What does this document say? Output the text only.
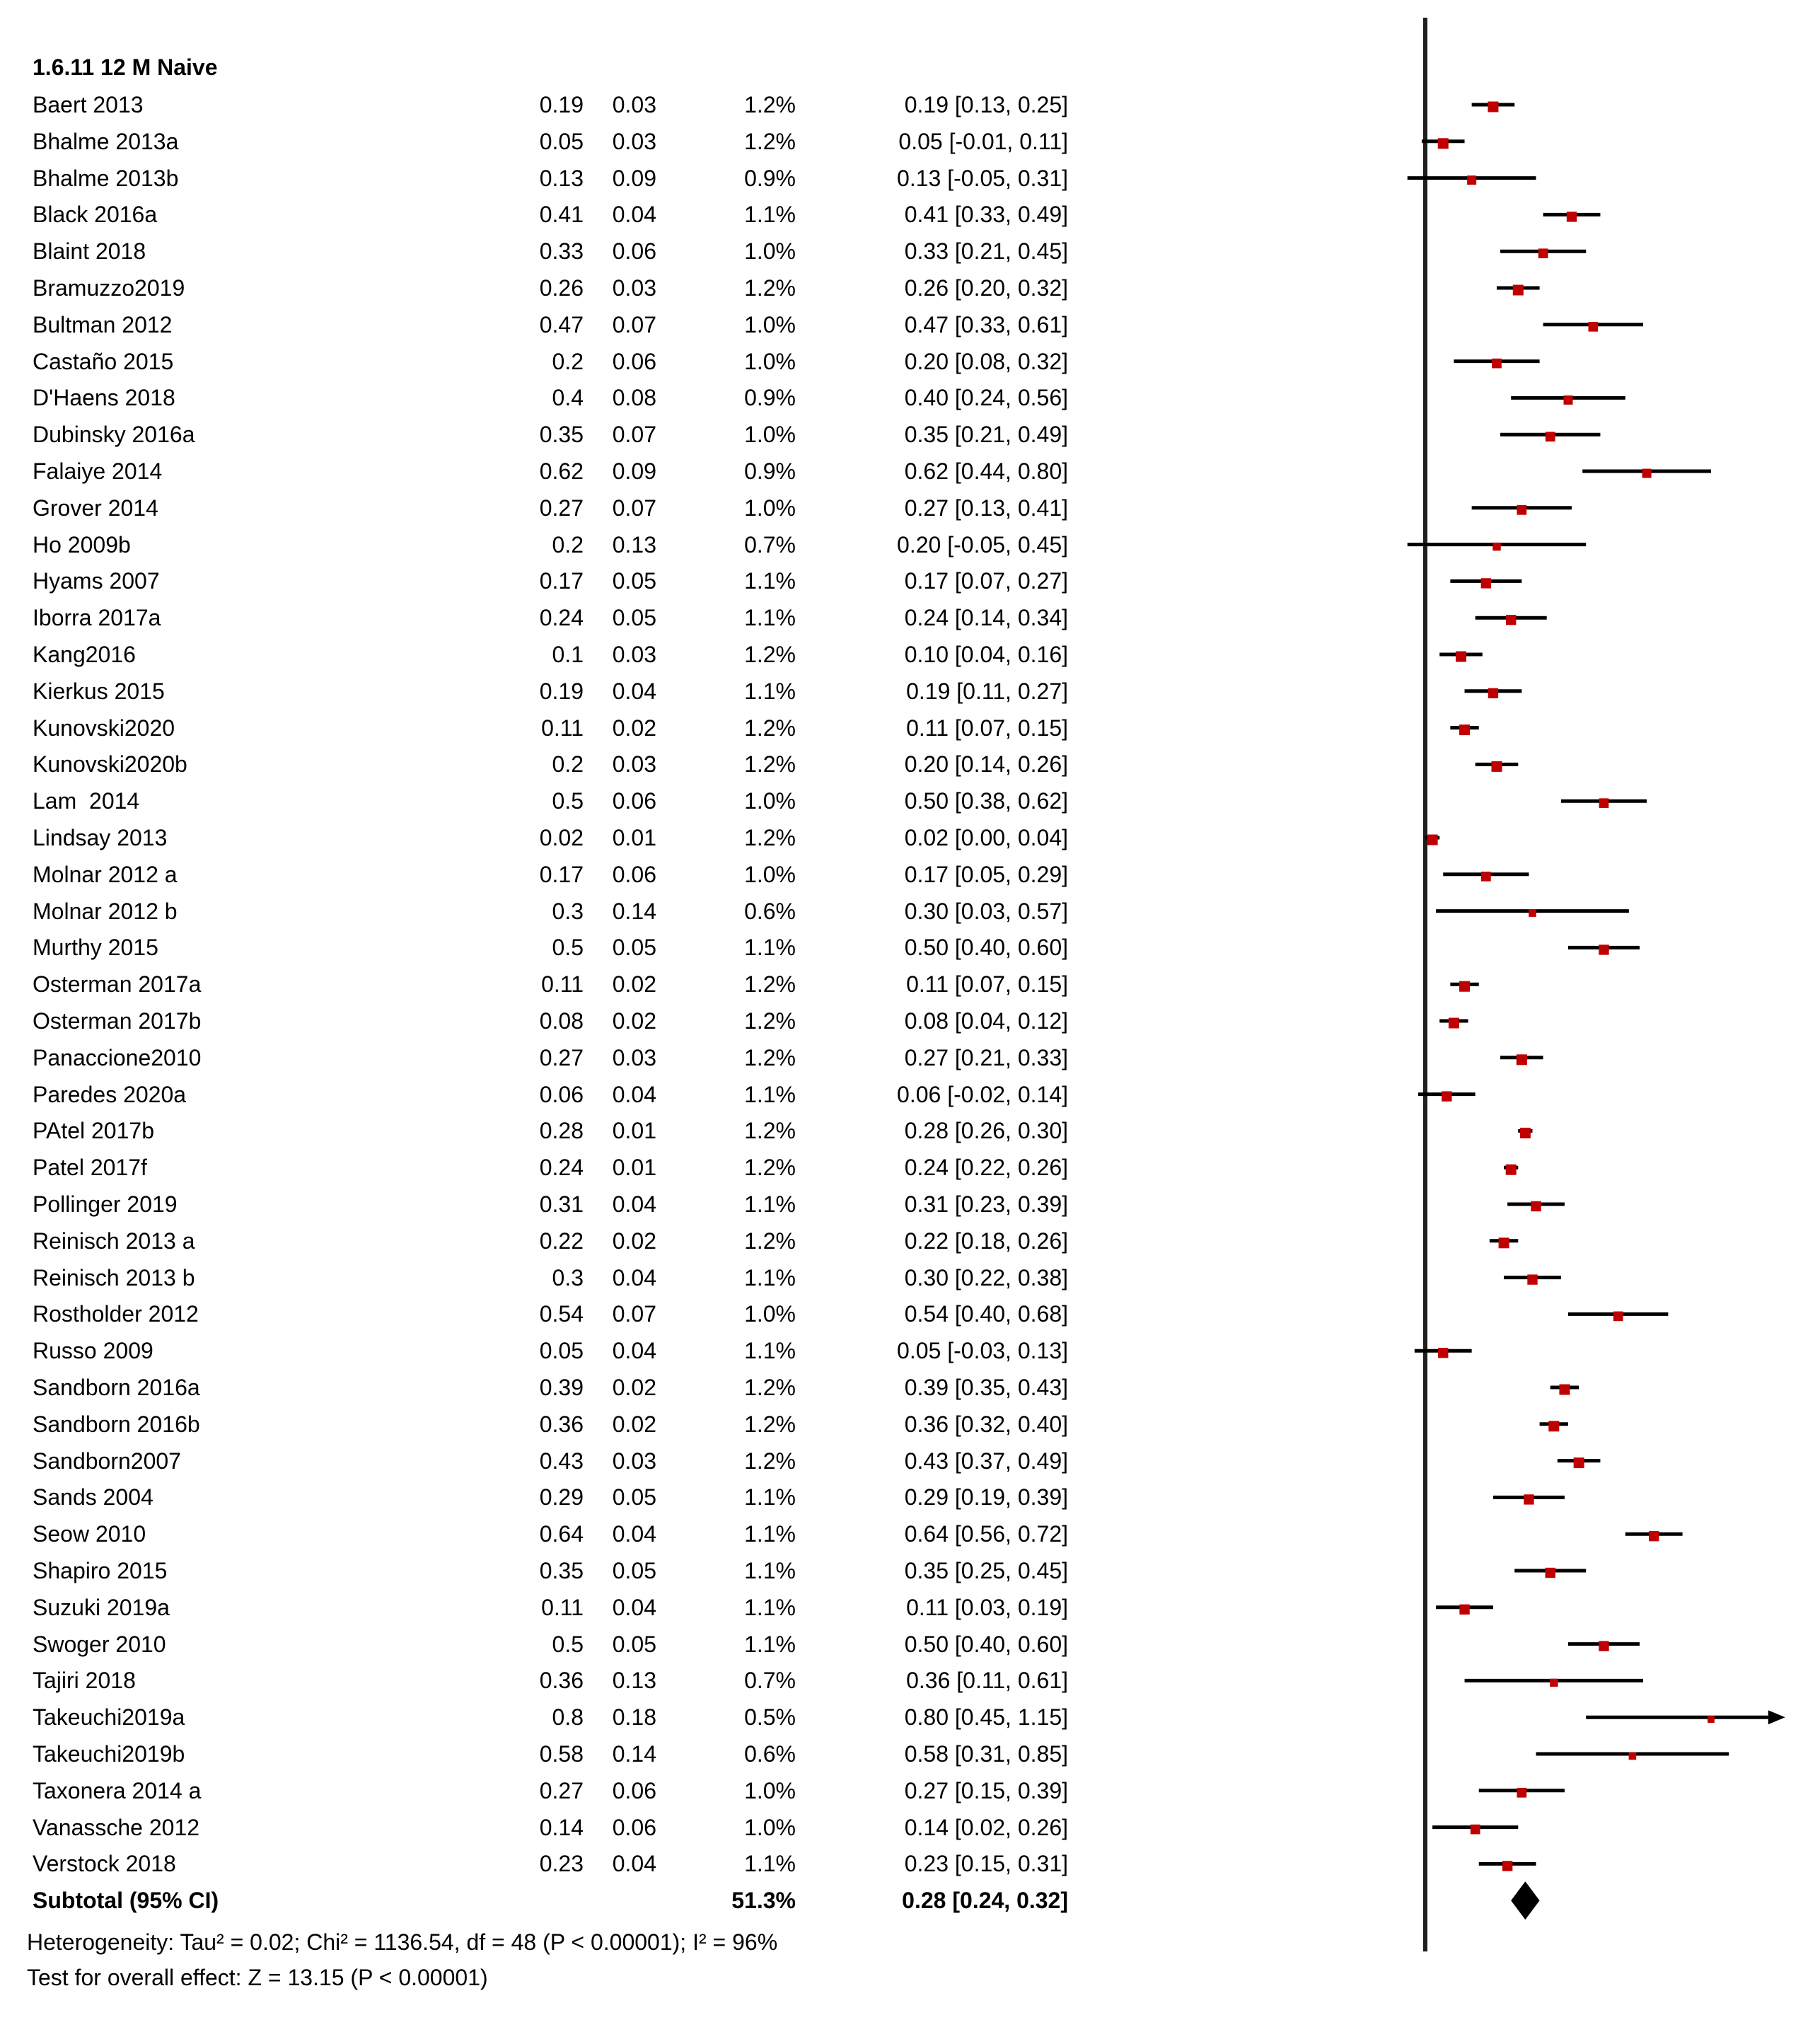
1.6.11 12 M Naive
Baert 2013	0.19	0.03	1.2%	0.19 [0.13, 0.25]
Bhalme 2013a	0.05	0.03	1.2%	0.05 [-0.01, 0.11]
Bhalme 2013b	0.13	0.09	0.9%	0.13 [-0.05, 0.31]
Black 2016a	0.41	0.04	1.1%	0.41 [0.33, 0.49]
Blaint 2018	0.33	0.06	1.0%	0.33 [0.21, 0.45]
Bramuzzo2019	0.26	0.03	1.2%	0.26 [0.20, 0.32]
Bultman 2012	0.47	0.07	1.0%	0.47 [0.33, 0.61]
Castaño 2015	0.2	0.06	1.0%	0.20 [0.08, 0.32]
D'Haens 2018	0.4	0.08	0.9%	0.40 [0.24, 0.56]
Dubinsky 2016a	0.35	0.07	1.0%	0.35 [0.21, 0.49]
Falaiye 2014	0.62	0.09	0.9%	0.62 [0.44, 0.80]
Grover 2014	0.27	0.07	1.0%	0.27 [0.13, 0.41]
Ho 2009b	0.2	0.13	0.7%	0.20 [-0.05, 0.45]
Hyams 2007	0.17	0.05	1.1%	0.17 [0.07, 0.27]
Iborra 2017a	0.24	0.05	1.1%	0.24 [0.14, 0.34]
Kang2016	0.1	0.03	1.2%	0.10 [0.04, 0.16]
Kierkus 2015	0.19	0.04	1.1%	0.19 [0.11, 0.27]
Kunovski2020	0.11	0.02	1.2%	0.11 [0.07, 0.15]
Kunovski2020b	0.2	0.03	1.2%	0.20 [0.14, 0.26]
Lam  2014	0.5	0.06	1.0%	0.50 [0.38, 0.62]
Lindsay 2013	0.02	0.01	1.2%	0.02 [0.00, 0.04]
Molnar 2012 a	0.17	0.06	1.0%	0.17 [0.05, 0.29]
Molnar 2012 b	0.3	0.14	0.6%	0.30 [0.03, 0.57]
Murthy 2015	0.5	0.05	1.1%	0.50 [0.40, 0.60]
Osterman 2017a	0.11	0.02	1.2%	0.11 [0.07, 0.15]
Osterman 2017b	0.08	0.02	1.2%	0.08 [0.04, 0.12]
Panaccione2010	0.27	0.03	1.2%	0.27 [0.21, 0.33]
Paredes 2020a	0.06	0.04	1.1%	0.06 [-0.02, 0.14]
PAtel 2017b	0.28	0.01	1.2%	0.28 [0.26, 0.30]
Patel 2017f	0.24	0.01	1.2%	0.24 [0.22, 0.26]
Pollinger 2019	0.31	0.04	1.1%	0.31 [0.23, 0.39]
Reinisch 2013 a	0.22	0.02	1.2%	0.22 [0.18, 0.26]
Reinisch 2013 b	0.3	0.04	1.1%	0.30 [0.22, 0.38]
Rostholder 2012	0.54	0.07	1.0%	0.54 [0.40, 0.68]
Russo 2009	0.05	0.04	1.1%	0.05 [-0.03, 0.13]
Sandborn 2016a	0.39	0.02	1.2%	0.39 [0.35, 0.43]
Sandborn 2016b	0.36	0.02	1.2%	0.36 [0.32, 0.40]
Sandborn2007	0.43	0.03	1.2%	0.43 [0.37, 0.49]
Sands 2004	0.29	0.05	1.1%	0.29 [0.19, 0.39]
Seow 2010	0.64	0.04	1.1%	0.64 [0.56, 0.72]
Shapiro 2015	0.35	0.05	1.1%	0.35 [0.25, 0.45]
Suzuki 2019a	0.11	0.04	1.1%	0.11 [0.03, 0.19]
Swoger 2010	0.5	0.05	1.1%	0.50 [0.40, 0.60]
Tajiri 2018	0.36	0.13	0.7%	0.36 [0.11, 0.61]
Takeuchi2019a	0.8	0.18	0.5%	0.80 [0.45, 1.15]
Takeuchi2019b	0.58	0.14	0.6%	0.58 [0.31, 0.85]
Taxonera 2014 a	0.27	0.06	1.0%	0.27 [0.15, 0.39]
Vanassche 2012	0.14	0.06	1.0%	0.14 [0.02, 0.26]
Verstock 2018	0.23	0.04	1.1%	0.23 [0.15, 0.31]
Subtotal (95% CI)	51.3%	0.28 [0.24, 0.32]
Heterogeneity: Tau² = 0.02; Chi² = 1136.54, df = 48 (P < 0.00001); I² = 96%
Test for overall effect: Z = 13.15 (P < 0.00001)
